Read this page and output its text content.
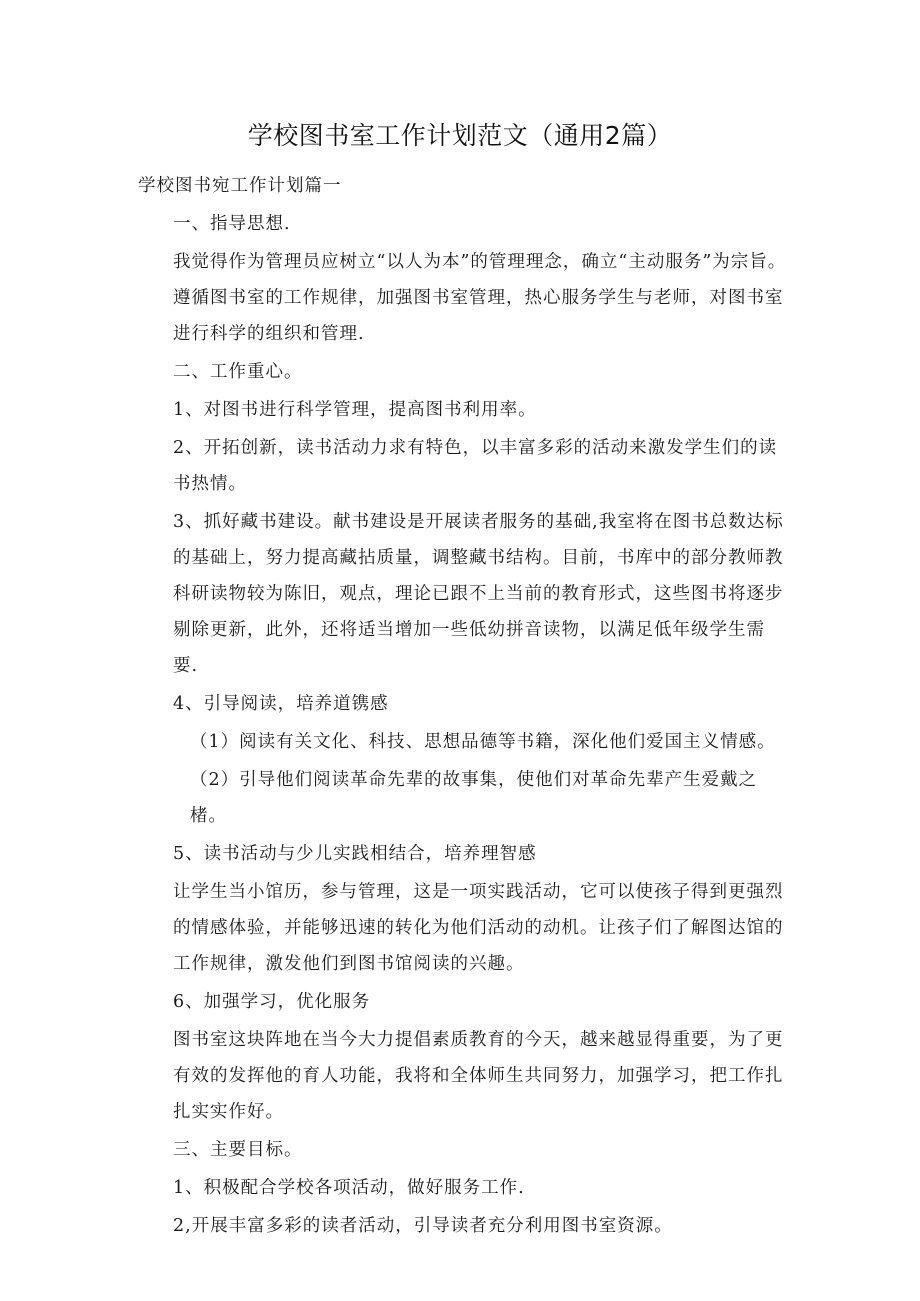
学校图书室工作计划范文（通用2篇）

学校图书宛工作计划篇一

一、指导思想.

我觉得作为管理员应树立“以人为本”的管理理念，确立“主动服务”为宗旨。遵循图书室的工作规律，加强图书室管理，热心服务学生与老师，对图书室进行科学的组织和管理.

二、工作重心。

1、对图书进行科学管理，提高图书利用率。

2、开拓创新，读书活动力求有特色，以丰富多彩的活动来激发学生们的读书热情。

3、抓好藏书建设。献书建设是开展读者服务的基础,我室将在图书总数达标的基础上，努力提高藏拈质量，调整藏书结构。目前，书库中的部分教师教科研读物较为陈旧，观点，理论已跟不上当前的教育形式，这些图书将逐步剔除更新，此外，还将适当增加一些低幼拼音读物，以满足低年级学生需要.

4、引导阅读，培养道镌感

（1）阅读有关文化、科技、思想品德等书籍，深化他们爱国主义情感。

（2）引导他们阅读革命先辈的故事集，使他们对革命先辈产生爱戴之楮。

5、读书活动与少儿实践相结合，培养理智感

让学生当小馆历，参与管理，这是一项实践活动，它可以使孩子得到更强烈的情感体验，并能够迅速的转化为他们活动的动机。让孩子们了解图达馆的工作规律，激发他们到图书馆阅读的兴趣。

6、加强学习，优化服务

图书室这块阵地在当今大力提倡素质教育的今天，越来越显得重要，为了更有效的发挥他的育人功能，我将和全体师生共同努力，加强学习，把工作扎扎实实作好。

三、主要目标。

1、积极配合学校各项活动，做好服务工作.

2,开展丰富多彩的读者活动，引导读者充分利用图书室资源。
